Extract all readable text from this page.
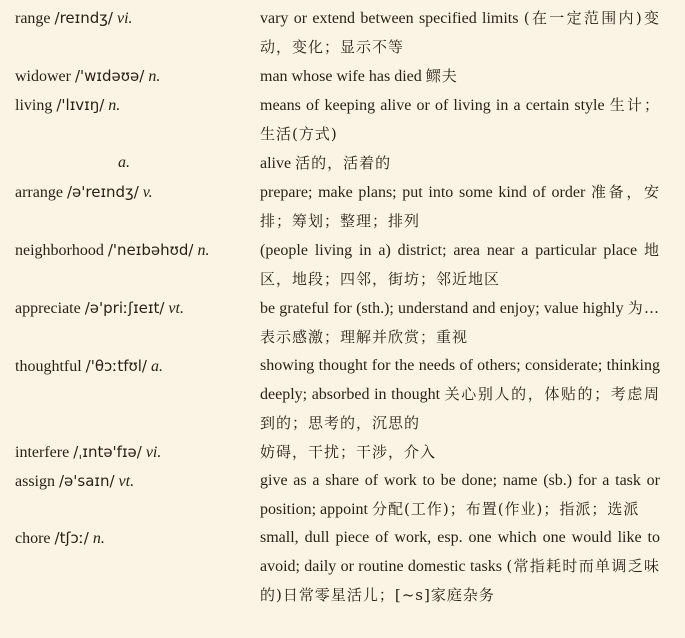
range /reɪndʒ/ vi.	vary or extend between specified limits (在一定范围内)变动，变化；显示不等
widower /'wɪdəʊə/ n.	man whose wife has died 鳏夫
living /'lɪvɪŋ/ n.	means of keeping alive or of living in a certain style 生计；生活(方式)
a.	alive 活的，活着的
arrange /ə'reɪndʒ/ v.	prepare; make plans; put into some kind of order 准备，安排；筹划；整理；排列
neighborhood /'neɪbəhʊd/ n.	(people living in a) district; area near a particular place 地区，地段；四邻，街坊；邻近地区
appreciate /ə'priːʃɪeɪt/ vt.	be grateful for (sth.); understand and enjoy; value highly 为…表示感激；理解并欣赏；重视
thoughtful /'θɔːtfʊl/ a.	showing thought for the needs of others; considerate; thinking deeply; absorbed in thought 关心别人的，体贴的；考虑周到的；思考的，沉思的
interfere /ˌɪntə'fɪə/ vi.	妨碍，干扰；干涉，介入
assign /ə'saɪn/ vt.	give as a share of work to be done; name (sb.) for a task or position; appoint 分配(工作)；布置(作业)；指派；选派
chore /tʃɔː/ n.	small, dull piece of work, esp. one which one would like to avoid; daily or routine domestic tasks (常指耗时而单调乏味的)日常零星活儿；[~s]家庭杂务
